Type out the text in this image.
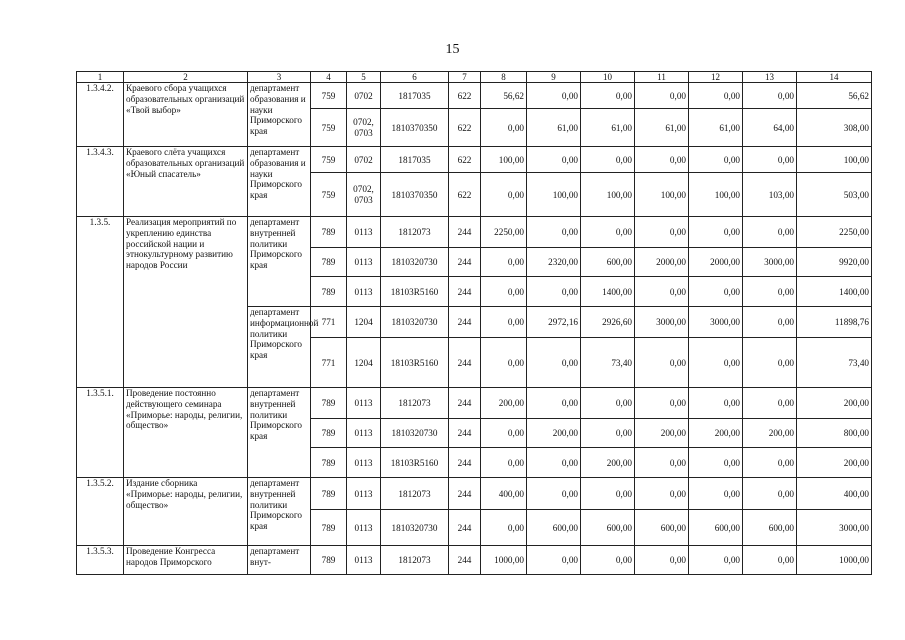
15
1	2	3	4	5	6	7	8	9	10	11	12	13	14
1.3.4.2.	Краевого сбора учащихся образовательных организаций «Твой выбор»	департамент образования и науки Приморского края	759	0702	1817035	622	56,62	0,00	0,00	0,00	0,00	0,00	56,62
			759	0702, 0703	1810370350	622	0,00	61,00	61,00	61,00	61,00	64,00	308,00
1.3.4.3.	Краевого слёта учащихся образовательных организаций «Юный спасатель»	департамент образования и науки Приморского края	759	0702	1817035	622	100,00	0,00	0,00	0,00	0,00	0,00	100,00
			759	0702, 0703	1810370350	622	0,00	100,00	100,00	100,00	100,00	103,00	503,00
1.3.5.	Реализация мероприятий по укреплению единства российской нации и этнокультурному развитию народов России	департамент внутренней политики Приморского края	789	0113	1812073	244	2250,00	0,00	0,00	0,00	0,00	0,00	2250,00
			789	0113	1810320730	244	0,00	2320,00	600,00	2000,00	2000,00	3000,00	9920,00
			789	0113	18103R5160	244	0,00	0,00	1400,00	0,00	0,00	0,00	1400,00
		департамент информационной политики Приморского края	771	1204	1810320730	244	0,00	2972,16	2926,60	3000,00	3000,00	0,00	11898,76
			771	1204	18103R5160	244	0,00	0,00	73,40	0,00	0,00	0,00	73,40
1.3.5.1.	Проведение постоянно действующего семинара «Приморье: народы, религии, общество»	департамент внутренней политики Приморского края	789	0113	1812073	244	200,00	0,00	0,00	0,00	0,00	0,00	200,00
			789	0113	1810320730	244	0,00	200,00	0,00	200,00	200,00	200,00	800,00
			789	0113	18103R5160	244	0,00	0,00	200,00	0,00	0,00	0,00	200,00
1.3.5.2.	Издание сборника «Приморье: народы, религии, общество»	департамент внутренней политики Приморского края	789	0113	1812073	244	400,00	0,00	0,00	0,00	0,00	0,00	400,00
			789	0113	1810320730	244	0,00	600,00	600,00	600,00	600,00	600,00	3000,00
1.3.5.3.	Проведение Конгресса народов Приморского	департамент внут-	789	0113	1812073	244	1000,00	0,00	0,00	0,00	0,00	0,00	1000,00
